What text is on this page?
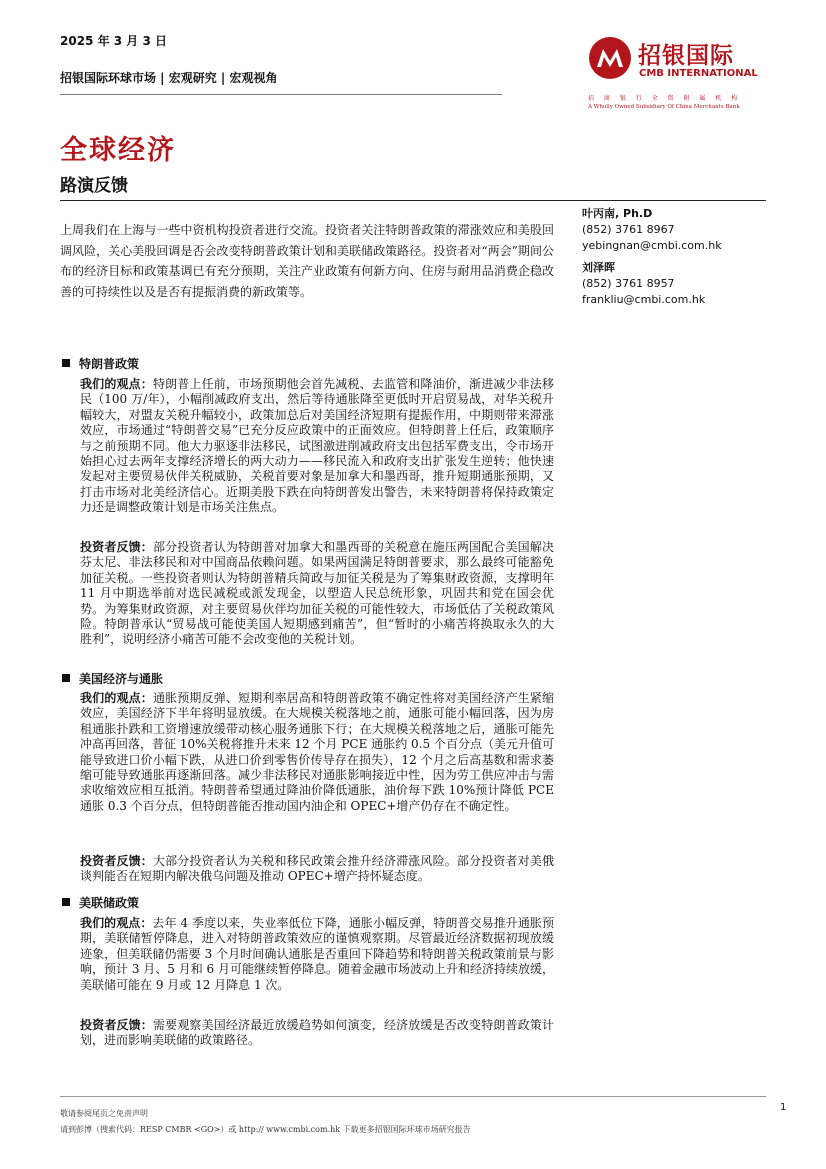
2025 年 3 月 3 日
招银国际环球市场 | 宏观研究 | 宏观视角
招银国际
CMB INTERNATIONAL
招 商 银 行 全 资 附 属 机 构
A Wholly Owned Subsidiary Of China Merchants Bank
全球经济
路演反馈
上周我们在上海与一些中资机构投资者进行交流。投资者关注特朗普政策的滞涨效应和美股回调风险，关心美股回调是否会改变特朗普政策计划和美联储政策路径。投资者对“两会”期间公布的经济目标和政策基调已有充分预期，关注产业政策有何新方向、住房与耐用品消费企稳改善的可持续性以及是否有提振消费的新政策等。
叶丙南, Ph.D
(852) 3761 8967
yebingnan@cmbi.com.hk
刘泽晖
(852) 3761 8957
frankliu@cmbi.com.hk
特朗普政策
我们的观点：特朗普上任前，市场预期他会首先减税、去监管和降油价，渐进减少非法移民（100 万/年），小幅削减政府支出，然后等待通胀降至更低时开启贸易战，对华关税升幅较大，对盟友关税升幅较小，政策加总后对美国经济短期有提振作用，中期则带来滞涨效应，市场通过“特朗普交易”已充分反应政策中的正面效应。但特朗普上任后，政策顺序与之前预期不同。他大力驱逐非法移民，试图激进削减政府支出包括军费支出，令市场开始担心过去两年支撑经济增长的两大动力——移民流入和政府支出扩张发生逆转；他快速发起对主要贸易伙伴关税威胁，关税首要对象是加拿大和墨西哥，推升短期通胀预期，又打击市场对北美经济信心。近期美股下跌在向特朗普发出警告，未来特朗普将保持政策定力还是调整政策计划是市场关注焦点。
投资者反馈：部分投资者认为特朗普对加拿大和墨西哥的关税意在施压两国配合美国解决芬太尼、非法移民和对中国商品依赖问题。如果两国满足特朗普要求，那么最终可能豁免加征关税。一些投资者则认为特朗普精兵简政与加征关税是为了筹集财政资源，支撑明年 11 月中期选举前对选民减税或派发现金，以塑造人民总统形象，巩固共和党在国会优势。为筹集财政资源，对主要贸易伙伴均加征关税的可能性较大，市场低估了关税政策风险。特朗普承认“贸易战可能使美国人短期感到痛苦”，但“暂时的小痛苦将换取永久的大胜利”，说明经济小痛苦可能不会改变他的关税计划。
美国经济与通胀
我们的观点：通胀预期反弹、短期利率居高和特朗普政策不确定性将对美国经济产生紧缩效应，美国经济下半年将明显放缓。在大规模关税落地之前，通胀可能小幅回落，因为房租通胀扑跌和工资增速放缓带动核心服务通胀下行；在大规模关税落地之后，通胀可能先冲高再回落，普征 10%关税将推升未来 12 个月 PCE 通胀约 0.5 个百分点（美元升值可能导致进口价小幅下跌，从进口价到零售价传导存在损失），12 个月之后高基数和需求萎缩可能导致通胀再逐渐回落。减少非法移民对通胀影响接近中性，因为劳工供应冲击与需求收缩效应相互抵消。特朗普希望通过降油价降低通胀，油价每下跌 10%预计降低 PCE 通胀 0.3 个百分点，但特朗普能否推动国内油企和 OPEC+增产仍存在不确定性。
投资者反馈：大部分投资者认为关税和移民政策会推升经济滞涨风险。部分投资者对美俄谈判能否在短期内解决俄乌问题及推动 OPEC+增产持怀疑态度。
美联储政策
我们的观点：去年 4 季度以来，失业率低位下降，通胀小幅反弹，特朗普交易推升通胀预期，美联储暂停降息，进入对特朗普政策效应的谨慎观察期。尽管最近经济数据初现放缓迹象，但美联储仍需要 3 个月时间确认通胀是否重回下降趋势和特朗普关税政策前景与影响，预计 3 月、5 月和 6 月可能继续暂停降息。随着金融市场波动上升和经济持续放缓，美联储可能在 9 月或 12 月降息 1 次。
投资者反馈：需要观察美国经济最近放缓趋势如何演变，经济放缓是否改变特朗普政策计划，进而影响美联储的政策路径。
敬请参阅尾页之免责声明
请到彭博（搜索代码：RESP CMBR <GO>）或 http:// www.cmbi.com.hk 下载更多招银国际环球市场研究报告
1
